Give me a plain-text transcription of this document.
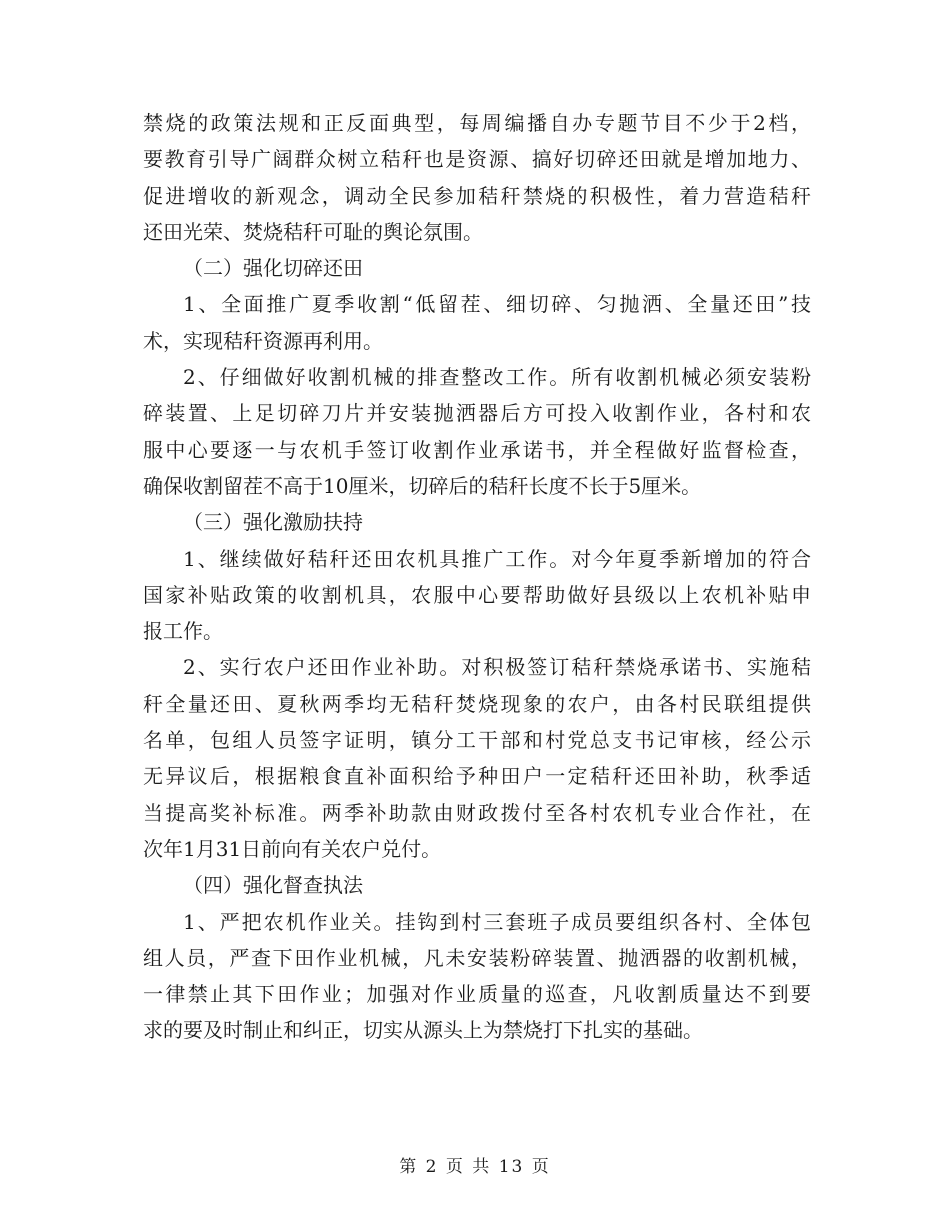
禁烧的政策法规和正反面典型，每周编播自办专题节目不少于2档，
要教育引导广阔群众树立秸秆也是资源、搞好切碎还田就是增加地力、
促进增收的新观念，调动全民参加秸秆禁烧的积极性，着力营造秸秆
还田光荣、焚烧秸秆可耻的舆论氛围。
（二）强化切碎还田
1、全面推广夏季收割“低留茬、细切碎、匀抛洒、全量还田”技
术，实现秸秆资源再利用。
2、仔细做好收割机械的排查整改工作。所有收割机械必须安装粉
碎装置、上足切碎刀片并安装抛洒器后方可投入收割作业，各村和农
服中心要逐一与农机手签订收割作业承诺书，并全程做好监督检查，
确保收割留茬不高于10厘米，切碎后的秸秆长度不长于5厘米。
（三）强化激励扶持
1、继续做好秸秆还田农机具推广工作。对今年夏季新增加的符合
国家补贴政策的收割机具，农服中心要帮助做好县级以上农机补贴申
报工作。
2、实行农户还田作业补助。对积极签订秸秆禁烧承诺书、实施秸
秆全量还田、夏秋两季均无秸秆焚烧现象的农户，由各村民联组提供
名单，包组人员签字证明，镇分工干部和村党总支书记审核，经公示
无异议后，根据粮食直补面积给予种田户一定秸秆还田补助，秋季适
当提高奖补标准。两季补助款由财政拨付至各村农机专业合作社，在
次年1月31日前向有关农户兑付。
（四）强化督查执法
1、严把农机作业关。挂钩到村三套班子成员要组织各村、全体包
组人员，严查下田作业机械，凡未安装粉碎装置、抛洒器的收割机械，
一律禁止其下田作业；加强对作业质量的巡查，凡收割质量达不到要
求的要及时制止和纠正，切实从源头上为禁烧打下扎实的基础。
第 2 页 共 13 页
